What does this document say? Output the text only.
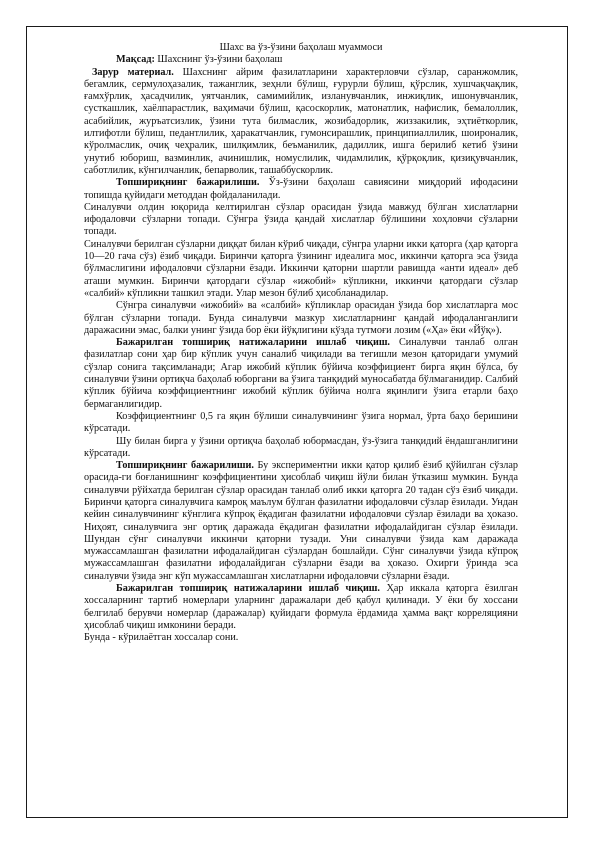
Шахс ва ўз-ўзини баҳолаш муаммоси

Мақсад: Шахснинг ўз-ўзини баҳолаш

Зарур материал. Шахснинг айрим фазилатларини характерловчи сўзлар, саранжомлик, бегамлик, сермулоҳазалик, тажанглик, зеҳнли бўлиш, ғурурли бўлиш, қўрслик, хушчақчақлик, ғамхўрлик, ҳасадчилик, уятчанлик, самимийлик, изланувчанлик, инжиқлик, ишонувчанлик, сусткашлик, хаёлпарастлик, ваҳимачи бўлиш, қасоскорлик, матонатлик, нафислик, бемалоллик, асабийлик, журъатсизлик, ўзини тута билмаслик, жозибадорлик, жиззакилик, эҳтиёткорлик, илтифотли бўлиш, педантлилик, ҳаракатчанлик, гумонсирашлик, принципиаллилик, шоироналик, кўролмаслик, очиқ чеҳралик, шилқимлик, беъманилик, дадиллик, ишга берилиб кетиб ўзини унутиб юбориш, вазминлик, ачинишлик, номуслилик, чидамлилик, қўрқоқлик, қизиқувчанлик, саботлилик, кўнгилчанлик, бепарволик, ташаббускорлик.

Топшириқнинг бажарилиши. Ўз-ўзини баҳолаш савиясини миқдорий ифодасини топишда қуйидаги методдан фойдаланилади.

Синалувчи олдин юқорида келтирилган сўзлар орасидан ўзида мавжуд бўлган хислатларни ифодаловчи сўзларни топади. Сўнгра ўзида қандай хислатлар бўлишини хоҳловчи сўзларни топади.

Синалувчи берилган сўзларни диққат билан кўриб чиқади, сўнгра уларни икки қаторга (ҳар қаторга 10—20 гача сўз) ёзиб чиқади. Биринчи қаторга ўзининг идеалига мос, иккинчи қаторга эса ўзида бўлмаслигини ифодаловчи сўзларни ёзади. Иккинчи қаторни шартли равишда «анти идеал» деб аташи мумкин. Биринчи қатордаги сўзлар «ижобий» кўпликни, иккинчи қатордаги сўзлар «салбий» кўпликни ташкил этади. Улар мезон бўлиб ҳисобланадилар.

Сўнгра синалувчи «ижобий» ва «салбий» кўпликлар орасидан ўзида бор хислатларга мос бўлган сўзларни топади. Бунда синалувчи мазкур хислатларнинг қандай ифодаланганлиги даражасини эмас, балки унинг ўзида бор ёки йўқлигини кўзда тутмоғи лозим («Ҳа» ёки «Йўқ»).

Бажарилган топшириқ натижаларини ишлаб чиқиш. Синалувчи танлаб олган фазилатлар сони ҳар бир кўплик учун саналиб чиқилади ва тегишли мезон қаторидаги умумий сўзлар сонига тақсимланади; Агар ижобий кўплик бўйича коэффициент бирга яқин бўлса, бу синалувчи ўзини ортиқча баҳолаб юборгани ва ўзига танқидий муносабатда бўлмаганидир. Салбий кўплик бўйича коэффициентнинг ижобий кўплик бўйича нолга яқинлиги ўзига етарли баҳо бермаганлигидир.

Коэффициентнинг 0,5 га яқин бўлиши синалувчининг ўзига нормал, ўрта баҳо беришини кўрсатади.

Шу билан бирга у ўзини ортиқча баҳолаб юбормасдан, ўз-ўзига танқидий ёндашганлигини кўрсатади.

Топшириқнинг бажарилиши. Бу экспериментни икки қатор қилиб ёзиб қўйилган сўзлар орасида-ги боғланишнинг коэффициентини ҳисоблаб чиқиш йўли билан ўтказиш мумкин. Бунда синалувчи рўйхатда берилган сўзлар орасидан танлаб олиб икки қаторга 20 тадан сўз ёзиб чиқади. Биринчи қаторга синалувчига камроқ маълум бўлган фазилатни ифодаловчи сўзлар ёзилади. Ундан кейин синалувчининг кўнглига кўпроқ ёқадиган фазилатни ифодаловчи сўзлар ёзилади ва ҳоказо. Ниҳоят, синалувчига энг ортиқ даражада ёқадиган фазилатни ифодалайдиган сўзлар ёзилади. Шундан сўнг синалувчи иккинчи қаторни тузади. Уни синалувчи ўзида кам даражада мужассамлашган фазилатни ифодалайдиган сўзлардан бошлайди. Сўнг синалувчи ўзида кўпроқ мужассамлашган фазилатни ифодалайдиган сўзларни ёзади ва ҳоказо. Охирги ўринда эса синалувчи ўзида энг кўп мужассамлашган хислатларни ифодаловчи сўзларни ёзади.

Бажарилган топшириқ натижаларини ишлаб чиқиш. Ҳар иккала қаторга ёзилган хоссаларнинг тартиб номерлари уларнинг даражалари деб қабул қилинади. У ёки бу хоссани белгилаб берувчи номерлар (даражалар) қуйидаги формула ёрдамида ҳамма вақт корреляцияни ҳисоблаб чиқиш имконини беради.

Бунда - кўрилаётган хоссалар сони.
